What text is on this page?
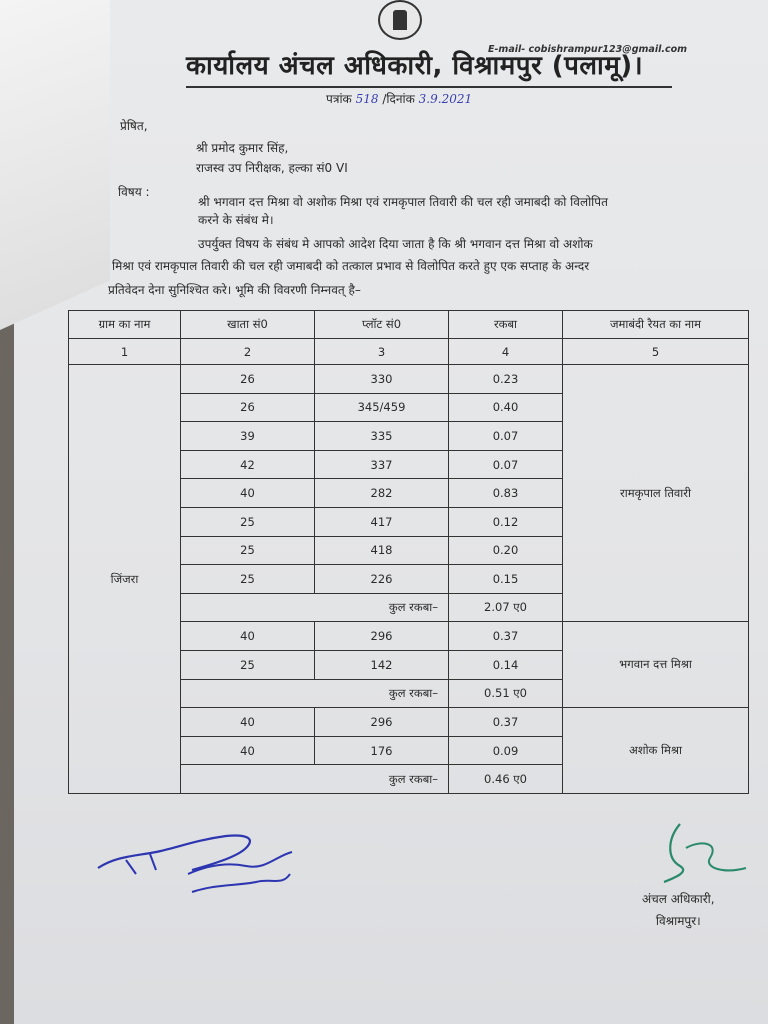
E-mail- cobishrampur123@gmail.com
कार्यालय अंचल अधिकारी, विश्रामपुर (पलामू)।
पत्रांक 518 /दिनांक 3.9.2021
प्रेषित,
श्री प्रमोद कुमार सिंह,
राजस्व उप निरीक्षक, हल्का सं0 VI
विषय :
श्री भगवान दत्त मिश्रा वो अशोक मिश्रा एवं रामकृपाल तिवारी की चल रही जमाबदी को विलोपित
करने के संबंध मे।
उपर्युक्त विषय के संबंध मे आपको आदेश दिया जाता है कि श्री भगवान दत्त मिश्रा वो अशोक
मिश्रा एवं रामकृपाल तिवारी की चल रही जमाबदी को तत्काल प्रभाव से विलोपित करते हुए एक सप्ताह के अन्दर
प्रतिवेदन देना सुनिश्चित करे। भूमि की विवरणी निम्नवत् है–
ग्राम का नाम	खाता सं0	प्लॉट सं0	रकबा	जमाबंदी रैयत का नाम
1	2	3	4	5
26	330	0.23
26	345/459	0.40
39	335	0.07
42	337	0.07
40	282	0.83
25	417	0.12
25	418	0.20
25	226	0.15
कुल रकबा–	2.07 ए0
रामकृपाल तिवारी
40	296	0.37
25	142	0.14
कुल रकबा–	0.51 ए0
भगवान दत्त मिश्रा
40	296	0.37
40	176	0.09
कुल रकबा–	0.46 ए0
अशोक मिश्रा
जिंजरा
अंचल अधिकारी,
विश्रामपुर।
